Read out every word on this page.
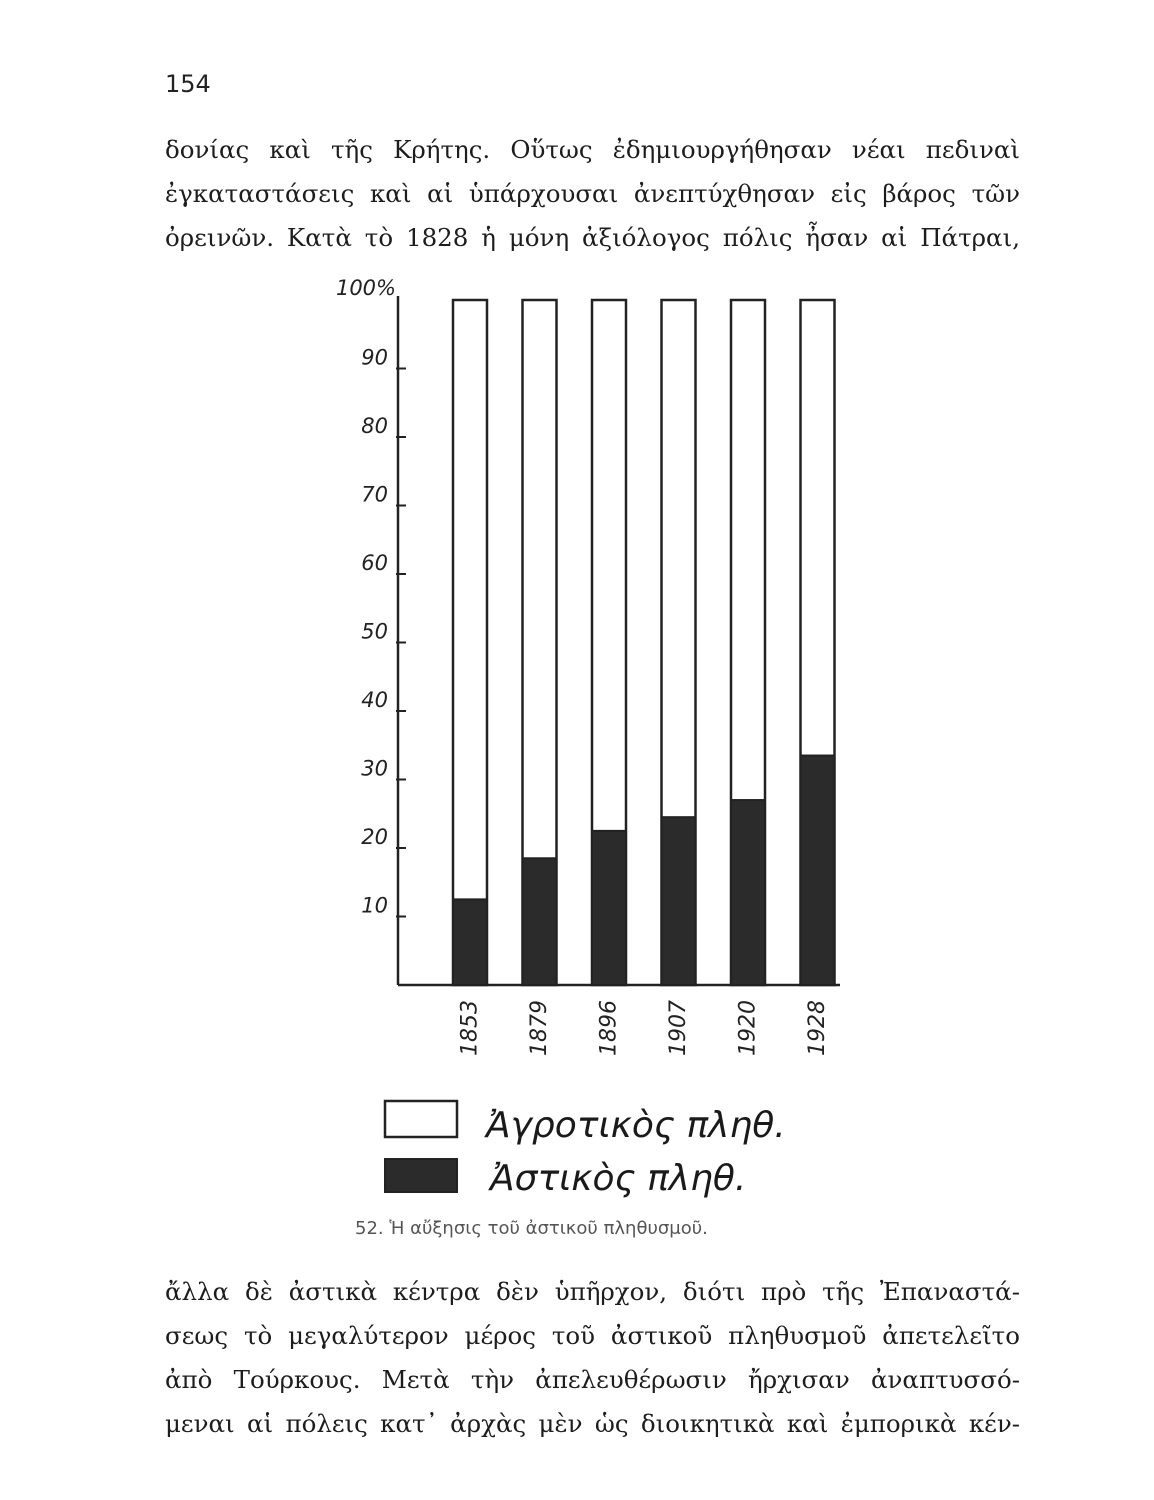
154
δονίας καὶ τῆς Κρήτης. Οὕτως ἐδημιουργήθησαν νέαι πεδιναὶ
ἐγκαταστάσεις καὶ αἱ ὑπάρχουσαι ἀνεπτύχθησαν εἰς βάρος τῶν
ὀρεινῶν. Κατὰ τὸ 1828 ἡ μόνη ἀξιόλογος πόλις ἦσαν αἱ Πάτραι,
10
20
30
40
50
60
70
80
90
100%
1853 1879 1896 1907 1920 1928
Ἀγροτικὸς πληθ.
Ἀστικὸς πληθ.
52. Ἡ αὔξησις τοῦ ἀστικοῦ πληθυσμοῦ.
ἄλλα δὲ ἀστικὰ κέντρα δὲν ὑπῆρχον, διότι πρὸ τῆς Ἐπαναστά-
σεως τὸ μεγαλύτερον μέρος τοῦ ἀστικοῦ πληθυσμοῦ ἀπετελεῖτο
ἀπὸ Τούρκους. Μετὰ τὴν ἀπελευθέρωσιν ἤρχισαν ἀναπτυσσό-
μεναι αἱ πόλεις κατ᾽ ἀρχὰς μὲν ὡς διοικητικὰ καὶ ἐμπορικὰ κέν-
